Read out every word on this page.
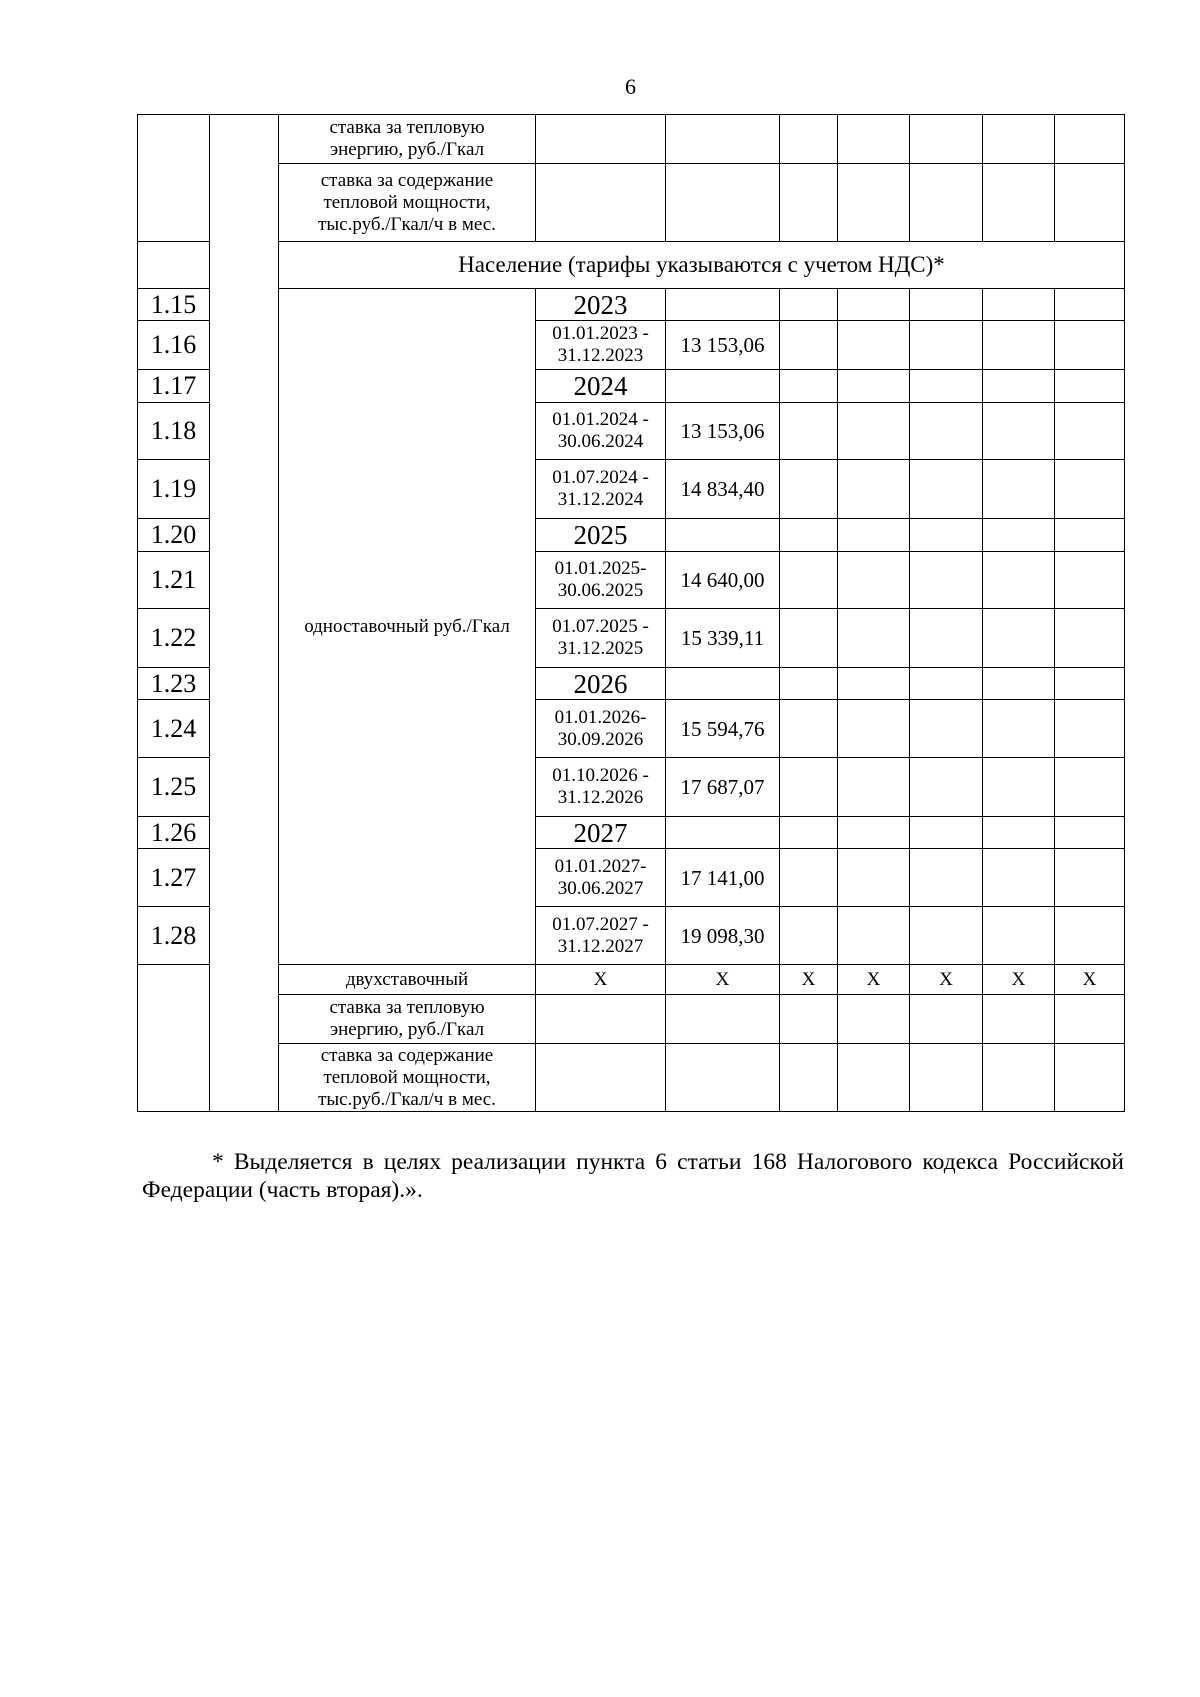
6
		ставка за тепловую
энергию, руб./Гкал							
		ставка за содержание
тепловой мощности,
тыс.руб./Гкал/ч в мес.							
		Население (тарифы указываются с учетом НДС)*							
1.15		одноставочный руб./Гкал	2023						
1.16			01.01.2023 -
31.12.2023	13 153,06					
1.17			2024						
1.18			01.01.2024 -
30.06.2024	13 153,06					
1.19			01.07.2024 -
31.12.2024	14 834,40					
1.20			2025						
1.21			01.01.2025-
30.06.2025	14 640,00					
1.22			01.07.2025 -
31.12.2025	15 339,11					
1.23			2026						
1.24			01.01.2026-
30.09.2026	15 594,76					
1.25			01.10.2026 -
31.12.2026	17 687,07					
1.26			2027						
1.27			01.01.2027-
30.06.2027	17 141,00					
1.28			01.07.2027 -
31.12.2027	19 098,30					
		двухставочный	Х	Х	Х	Х	Х	Х	Х
		ставка за тепловую
энергию, руб./Гкал							
		ставка за содержание
тепловой мощности,
тыс.руб./Гкал/ч в мес.							
* Выделяется в целях реализации пункта 6 статьи 168 Налогового кодекса Российской Федерации (часть вторая).».
